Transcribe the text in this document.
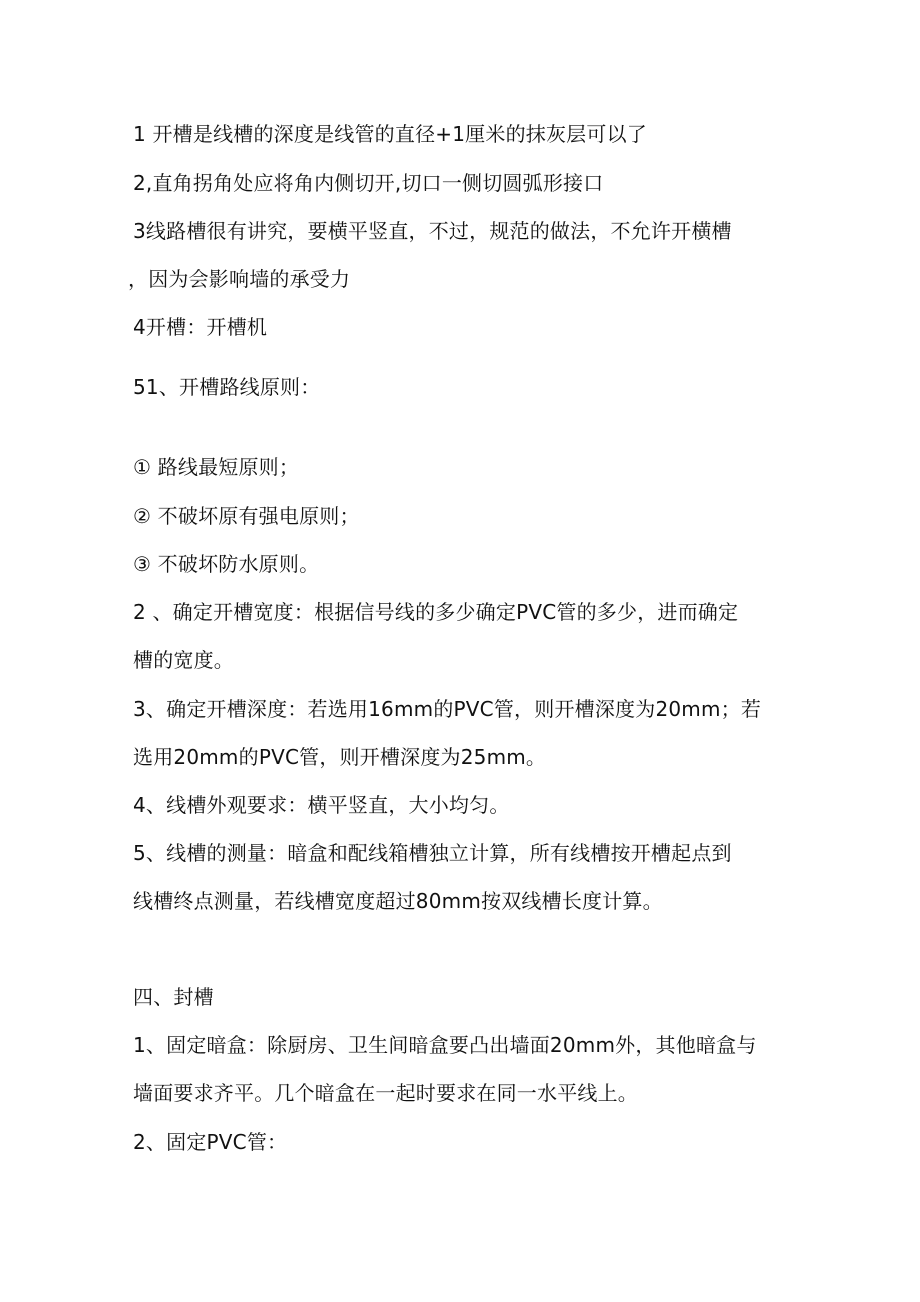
1 开槽是线槽的深度是线管的直径+1厘米的抹灰层可以了
2,直角拐角处应将角内侧切开,切口一侧切圆弧形接口
3线路槽很有讲究，要横平竖直，不过，规范的做法，不允许开横槽
，因为会影响墙的承受力
4开槽：开槽机
51、开槽路线原则：
① 路线最短原则；
② 不破坏原有强电原则；
③ 不破坏防水原则。
2 、确定开槽宽度：根据信号线的多少确定PVC管的多少，进而确定
槽的宽度。
3、确定开槽深度：若选用16mm的PVC管，则开槽深度为20mm；若
选用20mm的PVC管，则开槽深度为25mm。
4、线槽外观要求：横平竖直，大小均匀。
5、线槽的测量：暗盒和配线箱槽独立计算，所有线槽按开槽起点到
线槽终点测量，若线槽宽度超过80mm按双线槽长度计算。
四、封槽
1、固定暗盒：除厨房、卫生间暗盒要凸出墙面20mm外，其他暗盒与
墙面要求齐平。几个暗盒在一起时要求在同一水平线上。
2、固定PVC管：
